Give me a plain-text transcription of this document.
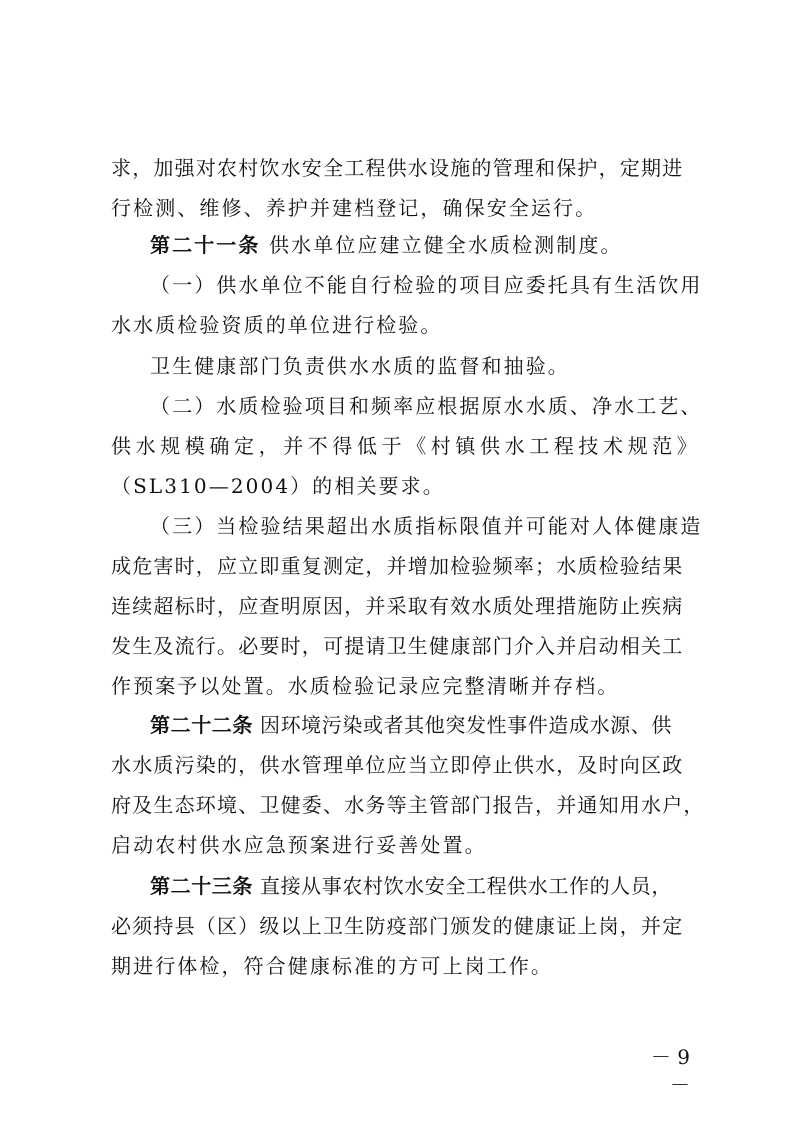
求，加强对农村饮水安全工程供水设施的管理和保护，定期进
行检测、维修、养护并建档登记，确保安全运行。
第二十一条 供水单位应建立健全水质检测制度。
（一）供水单位不能自行检验的项目应委托具有生活饮用
水水质检验资质的单位进行检验。
卫生健康部门负责供水水质的监督和抽验。
（二）水质检验项目和频率应根据原水水质、净水工艺、
供水规模确定，并不得低于《村镇供水工程技术规范》
（SL310—2004）的相关要求。
（三）当检验结果超出水质指标限值并可能对人体健康造
成危害时，应立即重复测定，并增加检验频率；水质检验结果
连续超标时，应查明原因，并采取有效水质处理措施防止疾病
发生及流行。必要时，可提请卫生健康部门介入并启动相关工
作预案予以处置。水质检验记录应完整清晰并存档。
第二十二条 因环境污染或者其他突发性事件造成水源、供
水水质污染的，供水管理单位应当立即停止供水，及时向区政
府及生态环境、卫健委、水务等主管部门报告，并通知用水户，
启动农村供水应急预案进行妥善处置。
第二十三条 直接从事农村饮水安全工程供水工作的人员，
必须持县（区）级以上卫生防疫部门颁发的健康证上岗，并定
期进行体检，符合健康标准的方可上岗工作。
－ 9 －
